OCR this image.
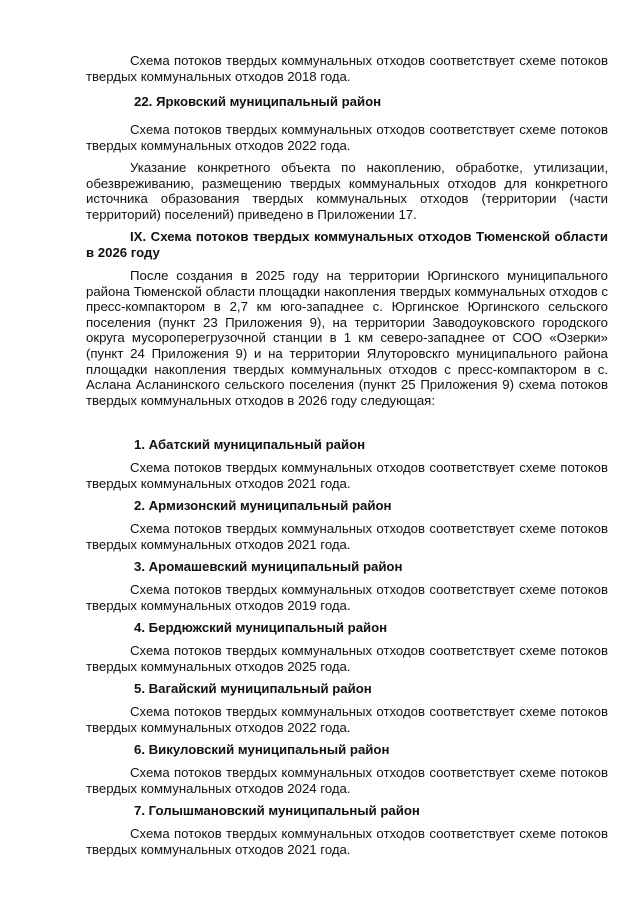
Схема потоков твердых коммунальных отходов соответствует схеме потоков твердых коммунальных отходов 2018 года.

22. Ярковский муниципальный район

Схема потоков твердых коммунальных отходов соответствует схеме потоков твердых коммунальных отходов 2022 года.

Указание конкретного объекта по накоплению, обработке, утилизации, обезвреживанию, размещению твердых коммунальных отходов для конкретного источника образования твердых коммунальных отходов (территории (части территорий) поселений) приведено в Приложении 17.

IX. Схема потоков твердых коммунальных отходов Тюменской области в 2026 году

После создания в 2025 году на территории Юргинского муниципального района Тюменской области площадки накопления твердых коммунальных отходов с пресс-компактором в 2,7 км юго-западнее с. Юргинское Юргинского сельского поселения (пункт 23 Приложения 9), на территории Заводоуковского городского округа мусороперегрузочной станции в 1 км северо-западнее от СОО «Озерки» (пункт 24 Приложения 9) и на территории Ялуторовскго муниципального района площадки накопления твердых коммунальных отходов с пресс-компактором в с. Аслана Асланинского сельского поселения (пункт 25 Приложения 9) схема потоков твердых коммунальных отходов в 2026 году следующая:

1. Абатский муниципальный район

Схема потоков твердых коммунальных отходов соответствует схеме потоков твердых коммунальных отходов 2021 года.

2. Армизонский муниципальный район

Схема потоков твердых коммунальных отходов соответствует схеме потоков твердых коммунальных отходов 2021 года.

3. Аромашевский муниципальный район

Схема потоков твердых коммунальных отходов соответствует схеме потоков твердых коммунальных отходов 2019 года.

4. Бердюжский муниципальный район

Схема потоков твердых коммунальных отходов соответствует схеме потоков твердых коммунальных отходов 2025 года.

5. Вагайский муниципальный район

Схема потоков твердых коммунальных отходов соответствует схеме потоков твердых коммунальных отходов 2022 года.

6. Викуловский муниципальный район

Схема потоков твердых коммунальных отходов соответствует схеме потоков твердых коммунальных отходов 2024 года.

7. Голышмановский муниципальный район

Схема потоков твердых коммунальных отходов соответствует схеме потоков твердых коммунальных отходов 2021 года.
